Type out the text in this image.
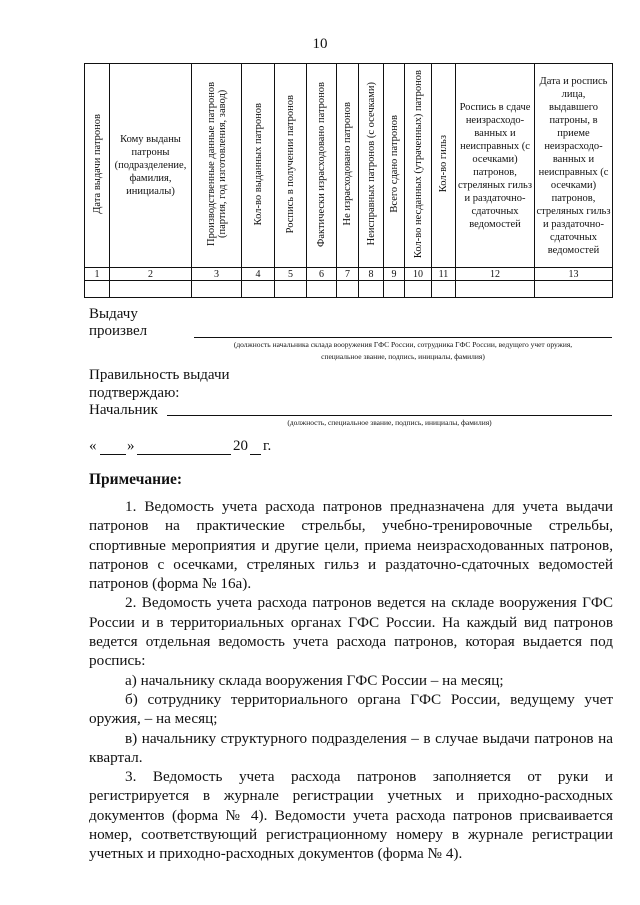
10
Дата выдачи патронов	Кому выданы патроны (подразделение, фамилия, инициалы)	Производственные данные патронов (партия, год изготовления, завод)	Кол-во выданных патронов	Роспись в получении патронов	Фактически израсходовано патронов	Не израсходовано патронов	Неисправных патронов (с осечками)	Всего сдано патронов	Кол-во несданных (утраченных) патронов	Кол-во гильз	Роспись в сдаче неизрасходо-ванных и неисправных (с осечками) патронов, стреляных гильз и раздаточно-сдаточных ведомостей	Дата и роспись лица, выдавшего патроны, в приеме неизрасходо-ванных и неисправных (с осечками) патронов, стреляных гильз и раздаточно-сдаточных ведомостей
1	2	3	4	5	6	7	8	9	10	11	12	13

Выдачу
произвел
(должность начальника склада вооружения ГФС России, сотрудника ГФС России, ведущего учет оружия,
специальное звание, подпись, инициалы, фамилия)
Правильность выдачи
подтверждаю:
Начальник
(должность, специальное звание, подпись, инициалы, фамилия)
« »	20 г.
Примечание:

1. Ведомость учета расхода патронов предназначена для учета выдачи патронов на практические стрельбы, учебно-тренировочные стрельбы, спортивные мероприятия и другие цели, приема неизрасходованных патронов, патронов с осечками, стреляных гильз и раздаточно-сдаточных ведомостей патронов (форма № 16а).

2. Ведомость учета расхода патронов ведется на складе вооружения ГФС России и в территориальных органах ГФС России. На каждый вид патронов ведется отдельная ведомость учета расхода патронов, которая выдается под роспись:

а) начальнику склада вооружения ГФС России – на месяц;

б) сотруднику территориального органа ГФС России, ведущему учет оружия, – на месяц;

в) начальнику структурного подразделения – в случае выдачи патронов на квартал.

3. Ведомость учета расхода патронов заполняется от руки и регистрируется в журнале регистрации учетных и приходно-расходных документов (форма № 4). Ведомости учета расхода патронов присваивается номер, соответствующий регистрационному номеру в журнале регистрации учетных и приходно-расходных документов (форма № 4).
